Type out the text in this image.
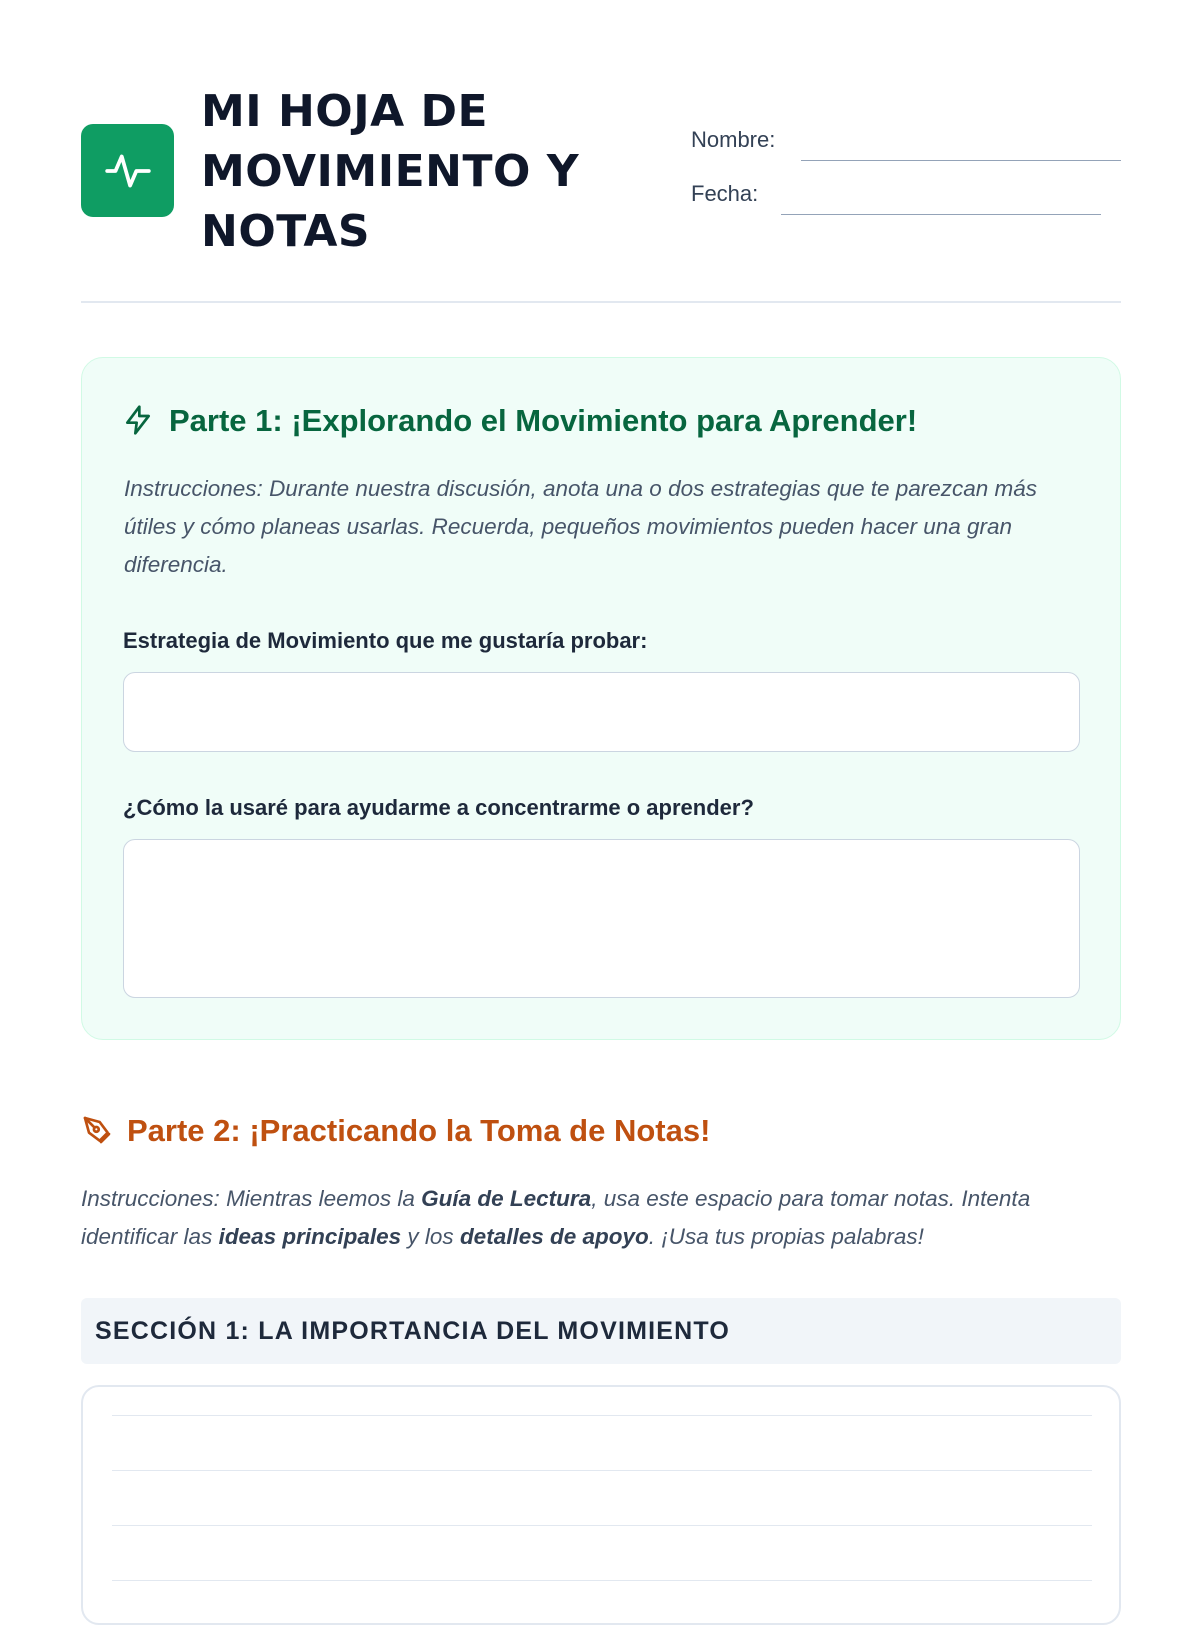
MI HOJA DE MOVIMIENTO Y NOTAS
Nombre:
Fecha:
Parte 1: ¡Explorando el Movimiento para Aprender!

Instrucciones: Durante nuestra discusión, anota una o dos estrategias que te parezcan más útiles y cómo planeas usarlas. Recuerda, pequeños movimientos pueden hacer una gran diferencia.

Estrategia de Movimiento que me gustaría probar:

¿Cómo la usaré para ayudarme a concentrarme o aprender?

Parte 2: ¡Practicando la Toma de Notas!

Instrucciones: Mientras leemos la Guía de Lectura, usa este espacio para tomar notas. Intenta identificar las ideas principales y los detalles de apoyo. ¡Usa tus propias palabras!

SECCIÓN 1: LA IMPORTANCIA DEL MOVIMIENTO
